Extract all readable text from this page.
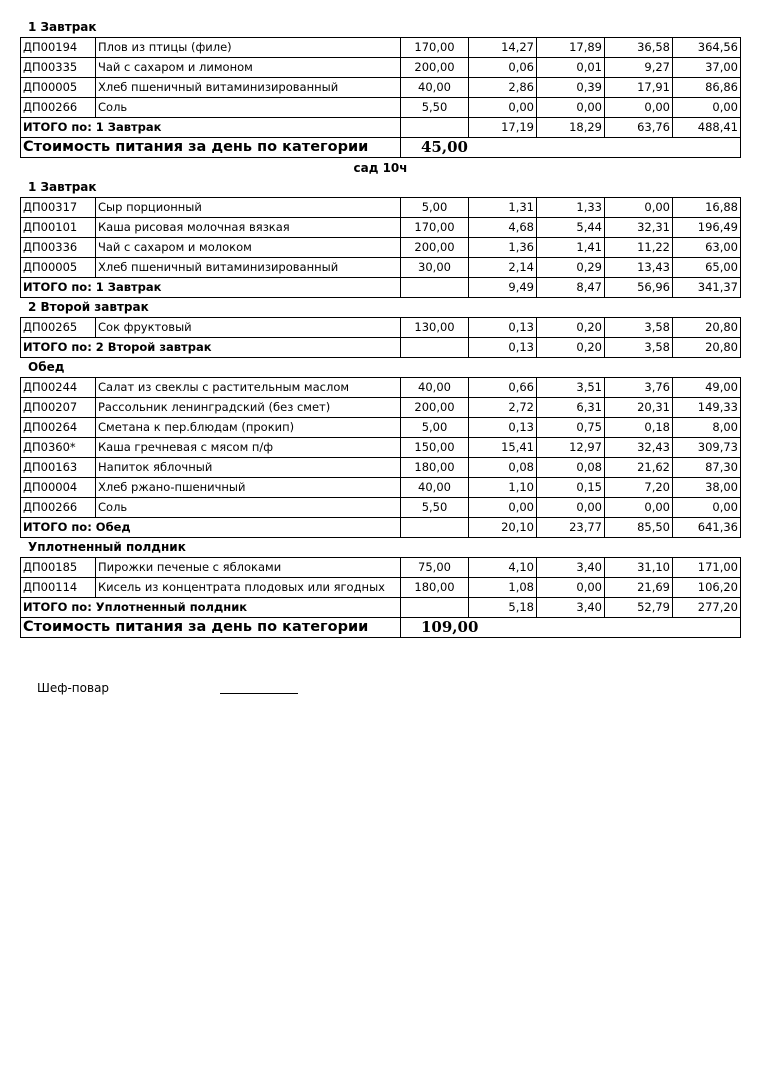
1 Завтрак
ДП00194	Плов из птицы (филе)	170,00	14,27	17,89	36,58	364,56
ДП00335	Чай с сахаром и лимоном	200,00	0,06	0,01	9,27	37,00
ДП00005	Хлеб пшеничный витаминизированный	40,00	2,86	0,39	17,91	86,86
ДП00266	Соль	5,50	0,00	0,00	0,00	0,00
ИТОГО по: 1 Завтрак			17,19	18,29	63,76	488,41
Стоимость питания за день по категории		45,00				
сад 10ч
1 Завтрак
ДП00317	Сыр порционный	5,00	1,31	1,33	0,00	16,88
ДП00101	Каша рисовая молочная вязкая	170,00	4,68	5,44	32,31	196,49
ДП00336	Чай с сахаром и молоком	200,00	1,36	1,41	11,22	63,00
ДП00005	Хлеб пшеничный витаминизированный	30,00	2,14	0,29	13,43	65,00
ИТОГО по: 1 Завтрак			9,49	8,47	56,96	341,37
2 Второй завтрак
ДП00265	Сок фруктовый	130,00	0,13	0,20	3,58	20,80
ИТОГО по: 2 Второй завтрак			0,13	0,20	3,58	20,80
Обед
ДП00244	Салат из свеклы с растительным маслом	40,00	0,66	3,51	3,76	49,00
ДП00207	Рассольник ленинградский (без смет)	200,00	2,72	6,31	20,31	149,33
ДП00264	Сметана к пер.блюдам (прокип)	5,00	0,13	0,75	0,18	8,00
ДП0360*	Каша гречневая с мясом п/ф	150,00	15,41	12,97	32,43	309,73
ДП00163	Напиток яблочный	180,00	0,08	0,08	21,62	87,30
ДП00004	Хлеб ржано-пшеничный	40,00	1,10	0,15	7,20	38,00
ДП00266	Соль	5,50	0,00	0,00	0,00	0,00
ИТОГО по: Обед			20,10	23,77	85,50	641,36
Уплотненный полдник
ДП00185	Пирожки печеные с яблоками	75,00	4,10	3,40	31,10	171,00
ДП00114	Кисель из концентрата плодовых или ягодных	180,00	1,08	0,00	21,69	106,20
ИТОГО по: Уплотненный полдник			5,18	3,40	52,79	277,20
Стоимость питания за день по категории		109,00				
Шеф-повар
